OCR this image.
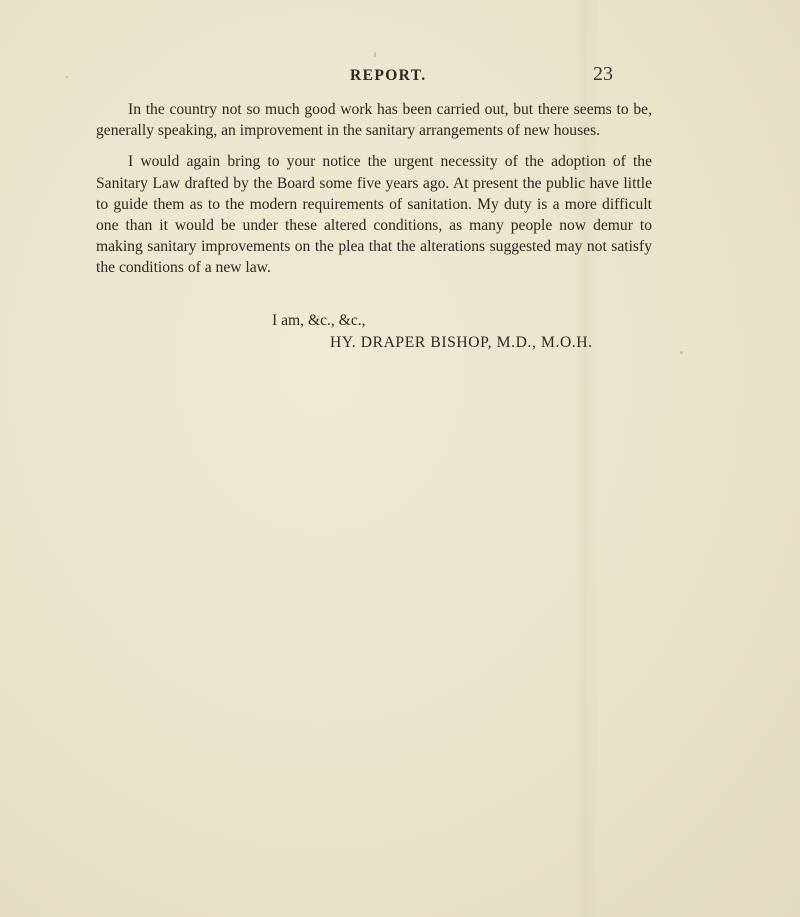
REPORT.	23

In the country not so much good work has been carried out, but there seems to be, generally speaking, an improvement in the sanitary arrangements of new houses.

I would again bring to your notice the urgent necessity of the adoption of the Sanitary Law drafted by the Board some five years ago. At present the public have little to guide them as to the modern requirements of sanitation. My duty is a more difficult one than it would be under these altered conditions, as many people now demur to making sanitary improvements on the plea that the alterations suggested may not satisfy the conditions of a new law.

I am, &c., &c.,
HY. DRAPER BISHOP, M.D., M.O.H.
